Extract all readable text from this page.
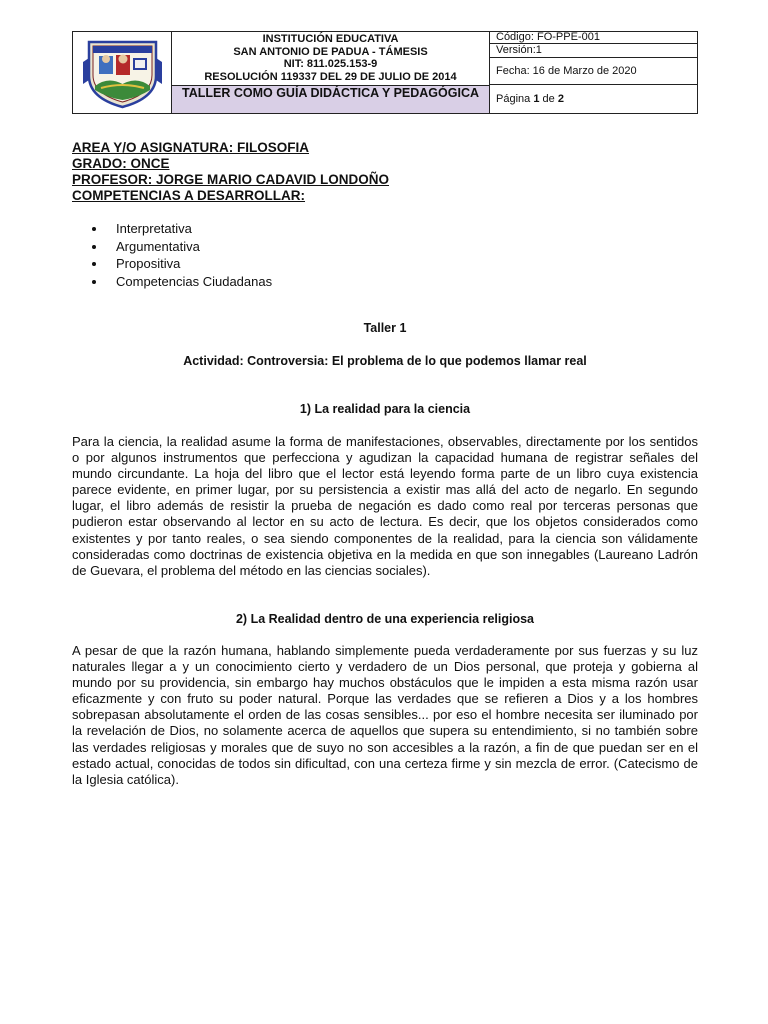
INSTITUCIÓN EDUCATIVA
SAN ANTONIO DE PADUA - TÁMESIS
NIT: 811.025.153-9
RESOLUCIÓN 119337 DEL 29 DE JULIO DE 2014
TALLER COMO GUÍA DIDÁCTICA Y PEDAGÓGICA
Código: FO-PPE-001
Versión:1
Fecha: 16 de Marzo de 2020
Página 1 de 2
AREA Y/O ASIGNATURA: FILOSOFIA
GRADO: ONCE
PROFESOR: JORGE MARIO CADAVID LONDOÑO
COMPETENCIAS A DESARROLLAR:
Interpretativa
Argumentativa
Propositiva
Competencias Ciudadanas
Taller 1
Actividad: Controversia: El problema de lo que podemos llamar real
1) La realidad para la ciencia
Para la ciencia, la realidad asume la forma de manifestaciones, observables, directamente por los sentidos o por algunos instrumentos que perfecciona y agudizan la capacidad humana de registrar señales del mundo circundante. La hoja del libro que el lector está leyendo forma parte de un libro cuya existencia parece evidente, en primer lugar, por su persistencia a existir mas allá del acto de negarlo. En segundo lugar, el libro además de resistir la prueba de negación es dado como real por terceras personas que pudieron estar observando al lector en su acto de lectura. Es decir, que los objetos considerados como existentes y por tanto reales, o sea siendo componentes de la realidad, para la ciencia son válidamente consideradas como doctrinas de existencia objetiva en la medida en que son innegables (Laureano Ladrón de Guevara, el problema del método en las ciencias sociales).
2) La Realidad dentro de una experiencia religiosa
A pesar de que la razón humana, hablando simplemente pueda verdaderamente por sus fuerzas y su luz naturales llegar a y un conocimiento cierto y verdadero de un Dios personal, que proteja y gobierna al mundo por su providencia, sin embargo hay muchos obstáculos que le impiden a esta misma razón usar eficazmente y con fruto su poder natural. Porque las verdades que se refieren a Dios y a los hombres sobrepasan absolutamente el orden de las cosas sensibles... por eso el hombre necesita ser iluminado por la revelación de Dios, no solamente acerca de aquellos que supera su entendimiento, si no también sobre las verdades religiosas y morales que de suyo no son accesibles a la razón, a fin de que puedan ser en el estado actual, conocidas de todos sin dificultad, con una certeza firme y sin mezcla de error. (Catecismo de la Iglesia católica).
